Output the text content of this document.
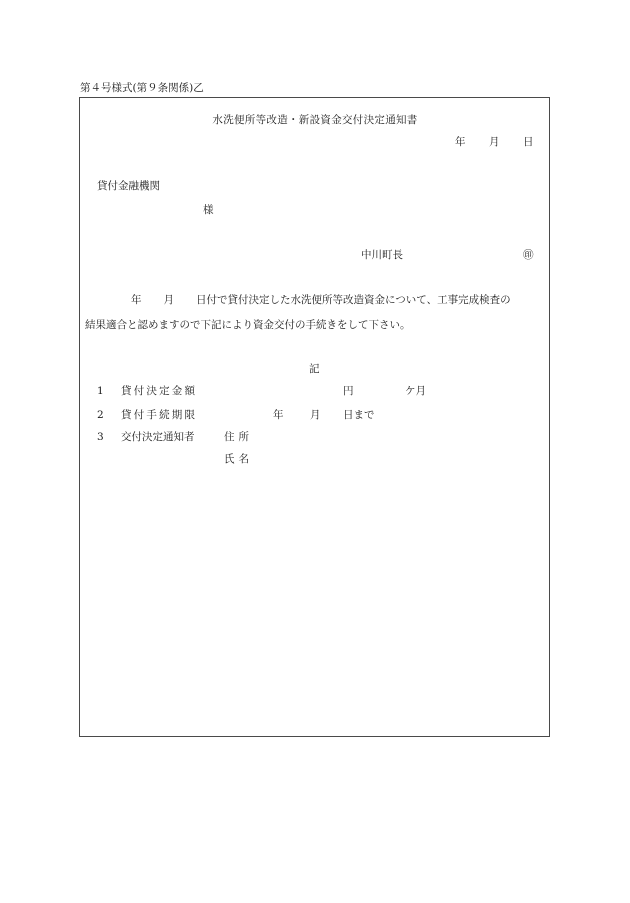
第４号様式(第９条関係)乙
水洗便所等改造・新設資金交付決定通知書
年 月 日
貸付金融機関
様
中川町長	㊞
年 月 日付で貸付決定した水洗便所等改造資金について、工事完成検査の
結果適合と認めますので下記により資金交付の手続きをして下さい。
記
1 貸付決定金額	円	ケ月
2 貸付手続期限	年	月 日まで
3 交付決定通知者	住所
氏名
